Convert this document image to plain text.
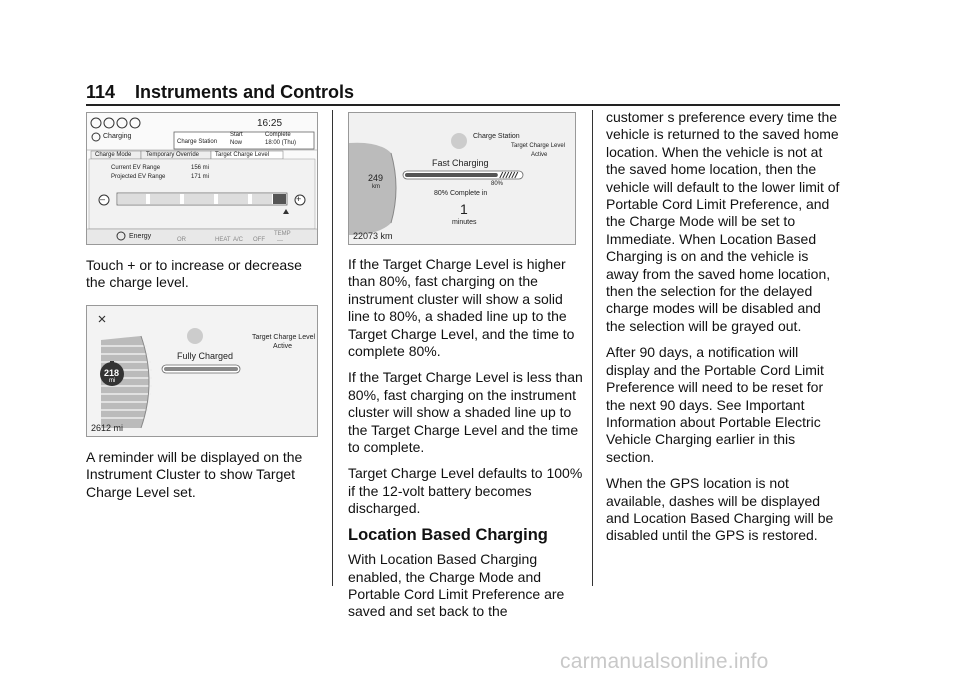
114 Instruments and Controls
16:25
Charging
Charge Station
Start
Now
Complete
18:00 (Thu)
Charge Mode Temporary Override	Target Charge Level
Current EV Range	156 mi
Projected EV Range	171 mi
–	+
Energy	OR	HEAT A/C OFF
TEMP
---
Fully Charged
Target Charge Level
Active
218
mi
2612 mi
Charge Station
Target Charge Level
Active
Fast Charging
80%
80% Complete in
1
minutes
249
km
22073 km

Touch + or to increase or decrease the charge level.

A reminder will be displayed on the Instrument Cluster to show Target Charge Level set.

If the Target Charge Level is higher than 80%, fast charging on the instrument cluster will show a solid line to 80%, a shaded line up to the Target Charge Level, and the time to complete 80%.

If the Target Charge Level is less than 80%, fast charging on the instrument cluster will show a shaded line up to the Target Charge Level and the time to complete.

Target Charge Level defaults to 100% if the 12-volt battery becomes discharged.

Location Based Charging

With Location Based Charging enabled, the Charge Mode and Portable Cord Limit Preference are saved and set back to the

customer s preference every time the vehicle is returned to the saved home location. When the vehicle is not at the saved home location, then the vehicle will default to the lower limit of Portable Cord Limit Preference, and the Charge Mode will be set to Immediate. When Location Based Charging is on and the vehicle is away from the saved home location, then the selection for the delayed charge modes will be disabled and the selection will be grayed out.

After 90 days, a notification will display and the Portable Cord Limit Preference will need to be reset for the next 90 days. See Important Information about Portable Electric Vehicle Charging earlier in this section.

When the GPS location is not available, dashes will be displayed and Location Based Charging will be disabled until the GPS is restored.

carmanualsonline.info
